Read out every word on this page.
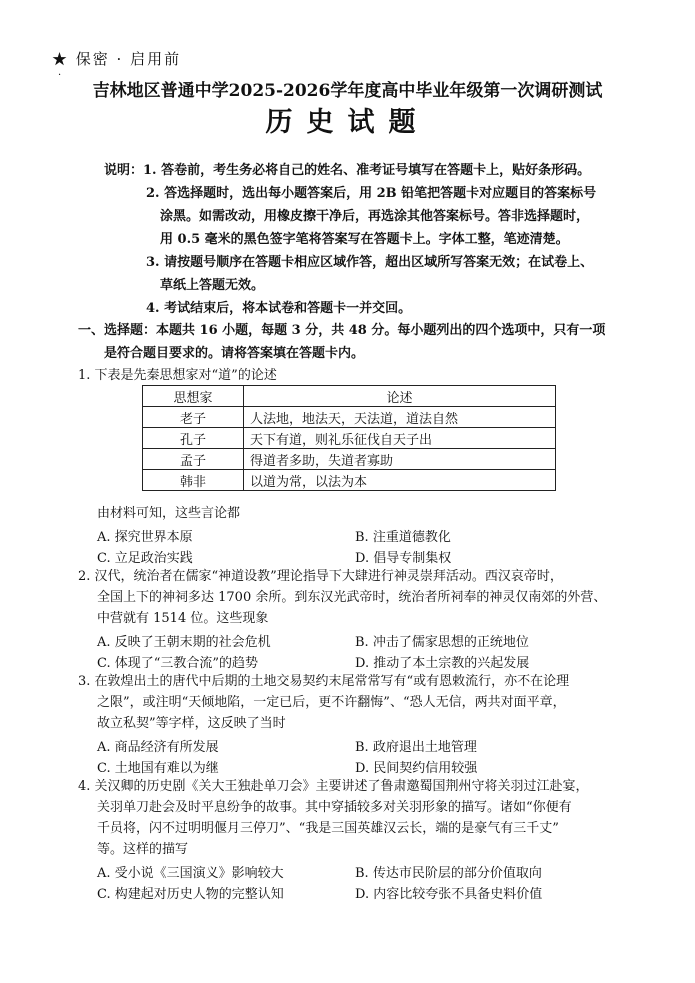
★ 保密 · 启用前
·
吉林地区普通中学2025-2026学年度高中毕业年级第一次调研测试
历史试题
说明：1. 答卷前，考生务必将自己的姓名、准考证号填写在答题卡上，贴好条形码。
2. 答选择题时，选出每小题答案后，用 2B 铅笔把答题卡对应题目的答案标号
涂黑。如需改动，用橡皮擦干净后，再选涂其他答案标号。答非选择题时，
用 0.5 毫米的黑色签字笔将答案写在答题卡上。字体工整，笔迹清楚。
3. 请按题号顺序在答题卡相应区域作答，超出区域所写答案无效；在试卷上、
草纸上答题无效。
4. 考试结束后，将本试卷和答题卡一并交回。
一、选择题：本题共 16 小题，每题 3 分，共 48 分。每小题列出的四个选项中，只有一项
是符合题目要求的。请将答案填在答题卡内。
1. 下表是先秦思想家对“道”的论述
思想家	论述
老子	人法地，地法天，天法道，道法自然
孔子	天下有道，则礼乐征伐自天子出
孟子	得道者多助，失道者寡助
韩非	以道为常，以法为本
由材料可知，这些言论都
A. 探究世界本原	B. 注重道德教化
C. 立足政治实践	D. 倡导专制集权
2. 汉代，统治者在儒家“神道设教”理论指导下大肆进行神灵崇拜活动。西汉哀帝时，
全国上下的神祠多达 1700 余所。到东汉光武帝时，统治者所祠奉的神灵仅南郊的外营、
中营就有 1514 位。这些现象
A. 反映了王朝末期的社会危机	B. 冲击了儒家思想的正统地位
C. 体现了“三教合流”的趋势	D. 推动了本土宗教的兴起发展
3. 在敦煌出土的唐代中后期的土地交易契约末尾常常写有“或有恩敕流行，亦不在论理
之限”，或注明“天倾地陷，一定已后，更不许翻悔”、“恐人无信，两共对面平章，
故立私契”等字样，这反映了当时
A. 商品经济有所发展	B. 政府退出土地管理
C. 土地国有难以为继	D. 民间契约信用较强
4. 关汉卿的历史剧《关大王独赴单刀会》主要讲述了鲁肃邀蜀国荆州守将关羽过江赴宴，
关羽单刀赴会及时平息纷争的故事。其中穿插较多对关羽形象的描写。诸如“你便有
千员将，闪不过明明偃月三停刀”、“我是三国英雄汉云长，端的是豪气有三千丈”
等。这样的描写
A. 受小说《三国演义》影响较大	B. 传达市民阶层的部分价值取向
C. 构建起对历史人物的完整认知	D. 内容比较夸张不具备史料价值
